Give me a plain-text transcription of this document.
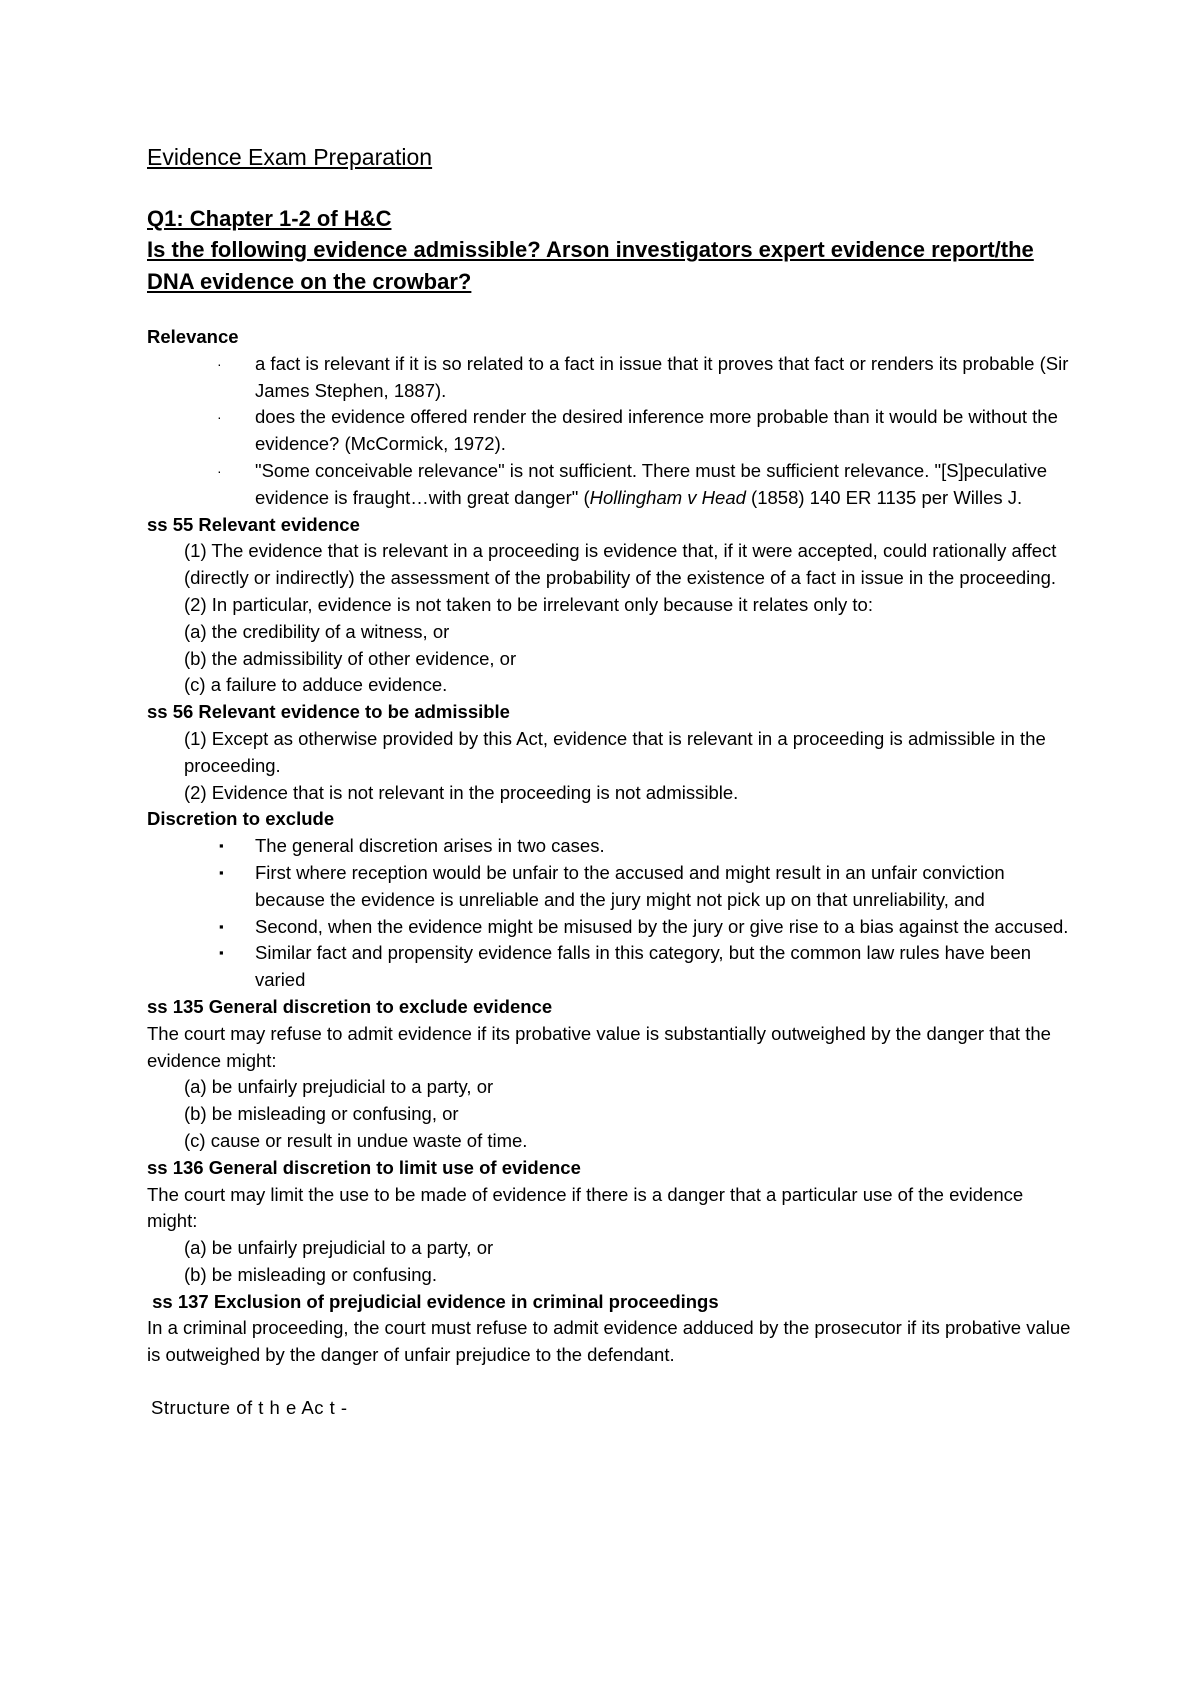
Evidence Exam Preparation
Q1: Chapter 1-2 of H&C
Is the following evidence admissible? Arson investigators expert evidence report/the DNA evidence on the crowbar?
Relevance
· a fact is relevant if it is so related to a fact in issue that it proves that fact or renders its probable (Sir James Stephen, 1887).
· does the evidence offered render the desired inference more probable than it would be without the evidence? (McCormick, 1972).
· "Some conceivable relevance" is not sufficient. There must be sufficient relevance. "[S]peculative evidence is fraught…with great danger" (Hollingham v Head (1858) 140 ER 1135 per Willes J.
ss 55 Relevant evidence
(1) The evidence that is relevant in a proceeding is evidence that, if it were accepted, could rationally affect (directly or indirectly) the assessment of the probability of the existence of a fact in issue in the proceeding.
(2) In particular, evidence is not taken to be irrelevant only because it relates only to:
(a) the credibility of a witness, or
(b) the admissibility of other evidence, or
(c) a failure to adduce evidence.
ss 56 Relevant evidence to be admissible
(1) Except as otherwise provided by this Act, evidence that is relevant in a proceeding is admissible in the proceeding.
(2) Evidence that is not relevant in the proceeding is not admissible.
Discretion to exclude
▪ The general discretion arises in two cases.
▪ First where reception would be unfair to the accused and might result in an unfair conviction because the evidence is unreliable and the jury might not pick up on that unreliability, and
▪ Second, when the evidence might be misused by the jury or give rise to a bias against the accused.
▪ Similar fact and propensity evidence falls in this category, but the common law rules have been varied
ss 135 General discretion to exclude evidence
The court may refuse to admit evidence if its probative value is substantially outweighed by the danger that the evidence might:
(a) be unfairly prejudicial to a party, or
(b) be misleading or confusing, or
(c) cause or result in undue waste of time.
ss 136 General discretion to limit use of evidence
The court may limit the use to be made of evidence if there is a danger that a particular use of the evidence might:
(a) be unfairly prejudicial to a party, or
(b) be misleading or confusing.
ss 137 Exclusion of prejudicial evidence in criminal proceedings
In a criminal proceeding, the court must refuse to admit evidence adduced by the prosecutor if its probative value is outweighed by the danger of unfair prejudice to the defendant.
Structure of t h e Ac t -
